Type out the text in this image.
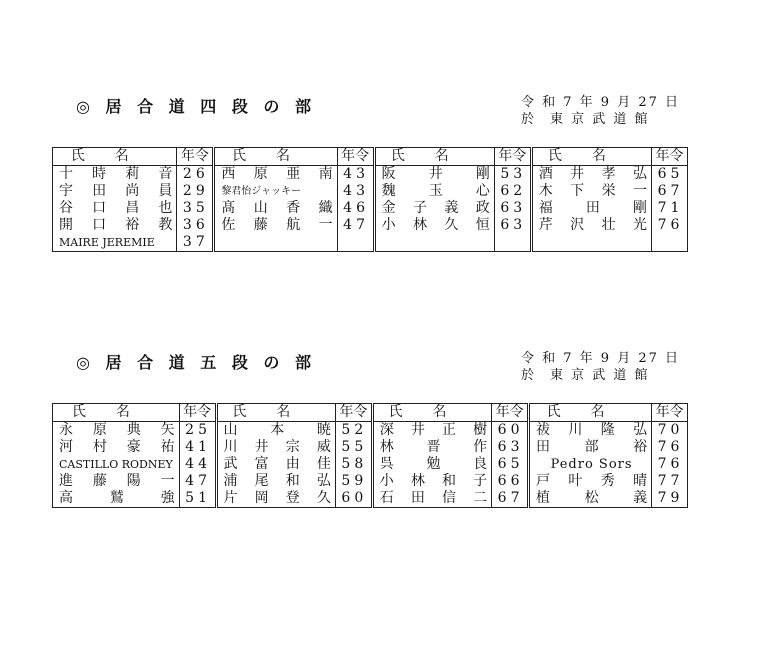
◎ 居 合 道 四 段 の 部	令 和 7 年 9 月 27 日
於 東 京 武 道 館
氏名	年令	氏名	年令	氏名	年令	氏名	年令

十 時 莉 音	26	西 原 亜 南	43	阪 井 剛	53	酒 井 孝 弘	65

宇 田 尚 員	29	黎君怡ジャッキー	43	魏 玉 心	62	木 下 栄 一	67

谷 口 昌 也	35	髙 山 香 織	46	金 子 義 政	63	福 田 剛	71

開 口 裕 教	36	佐 藤 航 一	47	小 林 久 恒	63	芹 沢 壮 光	76

MAIRE JEREMIE	37	

◎ 居 合 道 五 段 の 部	令 和 7 年 9 月 27 日
於 東 京 武 道 館
氏名	年令	氏名	年令	氏名	年令	氏名	年令

永 原 典 矢	25	山 本 暁	52	深 井 正 樹	60	祓 川 隆 弘	70

河 村 豪 祐	41	川 井 宗 威	55	林 晋 作	63	田 部 裕	76

CASTILLO RODNEY	44	武 富 由 佳	58	呉 勉 良	65	Pedro Sors	76

進 藤 陽 一	47	浦 尾 和 弘	59	小 林 和 子	66	戸 叶 秀 晴	77

高 鷲 強	51	片 岡 登 久	60	石 田 信 二	67	植 松 義	79
